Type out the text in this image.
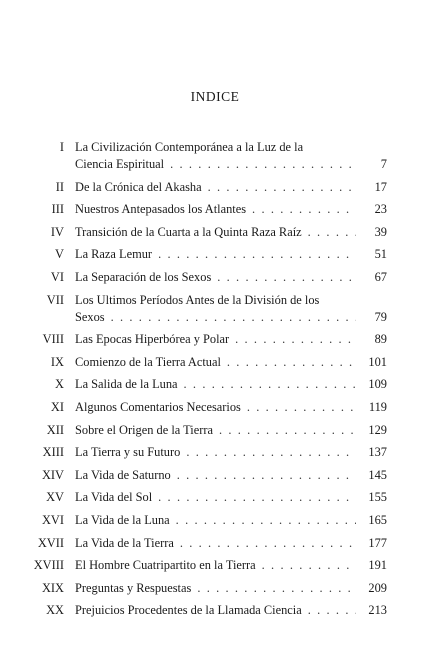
INDICE
I La Civilización Contemporánea a la Luz de la
Ciencia Espiritual . . .	7
II De la Crónica del Akasha . . .	17
III Nuestros Antepasados los Atlantes . . .	23
IV Transición de la Cuarta a la Quinta Raza Raíz . . .	39
V La Raza Lemur . . .	51
VI La Separación de los Sexos . . .	67
VII Los Ultimos Períodos Antes de la División de los
Sexos . . .	79
VIII Las Epocas Hiperbórea y Polar . . .	89
IX Comienzo de la Tierra Actual . . .	101
X La Salida de la Luna . . .	109
XI Algunos Comentarios Necesarios . . .	119
XII Sobre el Origen de la Tierra . . .	129
XIII La Tierra y su Futuro . . .	137
XIV La Vida de Saturno . . .	145
XV La Vida del Sol . . .	155
XVI La Vida de la Luna . . .	165
XVII La Vida de la Tierra . . .	177
XVIII El Hombre Cuatripartito en la Tierra . . .	191
XIX Preguntas y Respuestas . . .	209
XX Prejuicios Procedentes de la Llamada Ciencia . . .	213
